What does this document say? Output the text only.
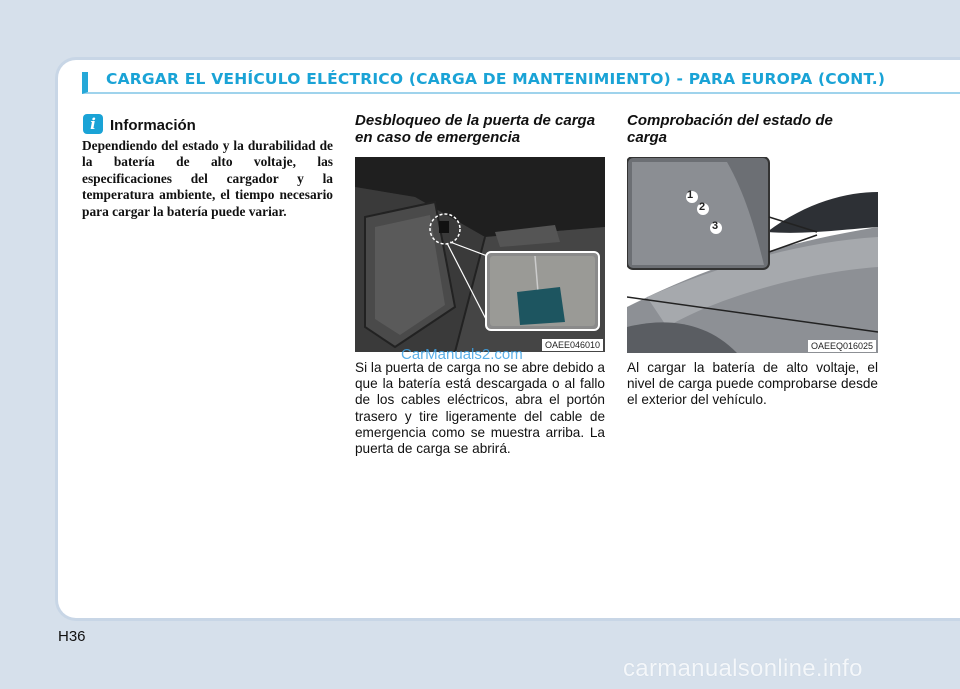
CARGAR EL VEHÍCULO ELÉCTRICO (CARGA DE MANTENIMIENTO) - PARA EUROPA (CONT.)
i Información
Dependiendo del estado y la durabilidad de la batería de alto voltaje, las especificaciones del cargador y la temperatura ambiente, el tiempo necesario para cargar la batería puede variar.
Desbloqueo de la puerta de carga en caso de emergencia
OAEE046010
Si la puerta de carga no se abre debido a que la batería está descargada o al fallo de los cables eléctricos, abra el portón trasero y tire ligeramente del cable de emergencia como se muestra arriba. La puerta de carga se abrirá.
CarManuals2.com
Comprobación del estado de carga
1
2
3
OAEEQ016025
Al cargar la batería de alto voltaje, el nivel de carga puede comprobarse desde el exterior del vehículo.
H36
carmanualsonline.info
